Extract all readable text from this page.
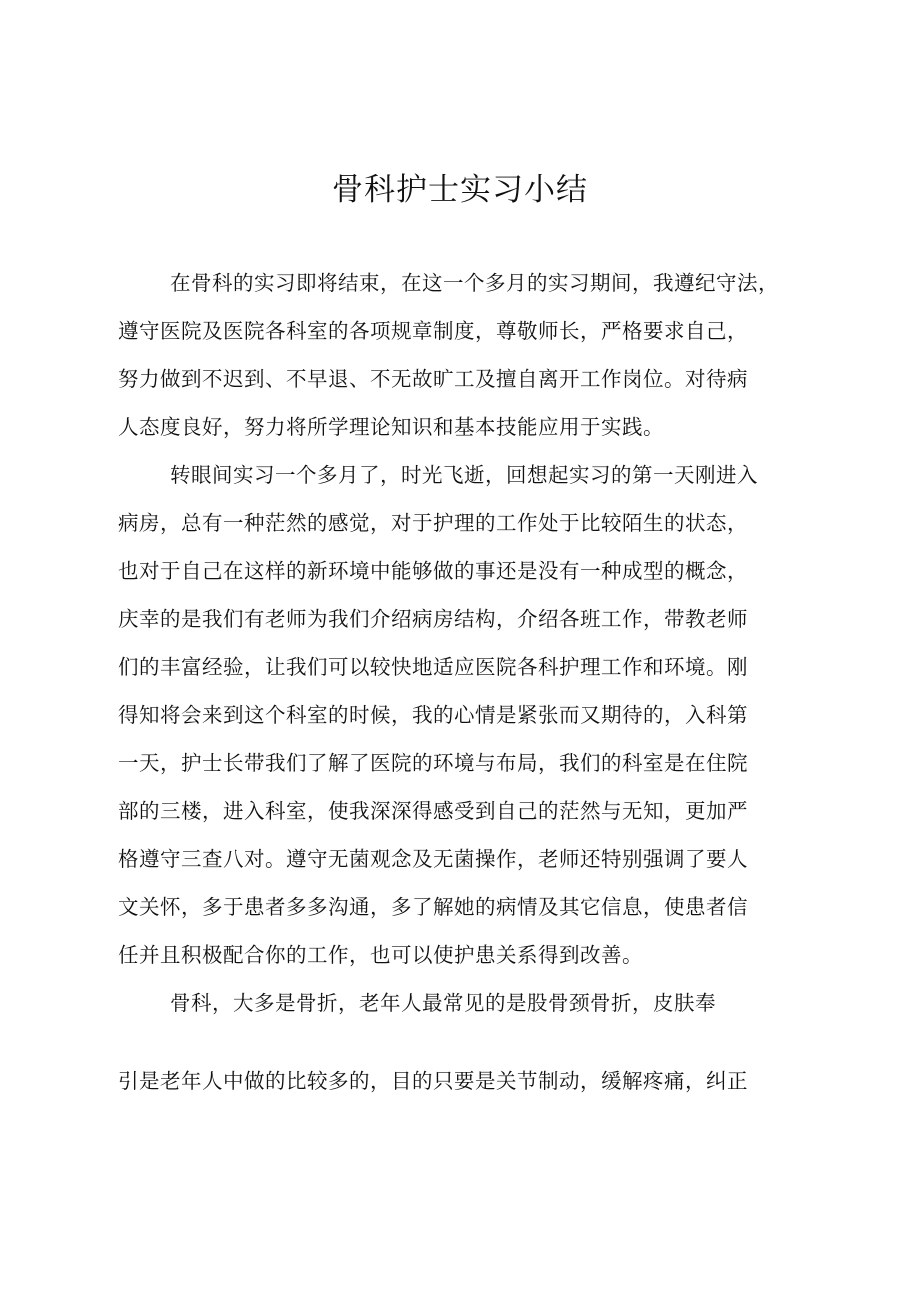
骨科护士实习小结
在骨科的实习即将结束，在这一个多月的实习期间，我遵纪守法，
遵守医院及医院各科室的各项规章制度，尊敬师长，严格要求自己，
努力做到不迟到、不早退、不无故旷工及擅自离开工作岗位。对待病
人态度良好，努力将所学理论知识和基本技能应用于实践。
转眼间实习一个多月了，时光飞逝，回想起实习的第一天刚进入
病房，总有一种茫然的感觉，对于护理的工作处于比较陌生的状态，
也对于自己在这样的新环境中能够做的事还是没有一种成型的概念，
庆幸的是我们有老师为我们介绍病房结构，介绍各班工作，带教老师
们的丰富经验，让我们可以较快地适应医院各科护理工作和环境。刚
得知将会来到这个科室的时候，我的心情是紧张而又期待的，入科第
一天，护士长带我们了解了医院的环境与布局，我们的科室是在住院
部的三楼，进入科室，使我深深得感受到自己的茫然与无知，更加严
格遵守三查八对。遵守无菌观念及无菌操作，老师还特别强调了要人
文关怀，多于患者多多沟通，多了解她的病情及其它信息，使患者信
任并且积极配合你的工作，也可以使护患关系得到改善。
骨科，大多是骨折，老年人最常见的是股骨颈骨折，皮肤奉
引是老年人中做的比较多的，目的只要是关节制动，缓解疼痛，纠正
